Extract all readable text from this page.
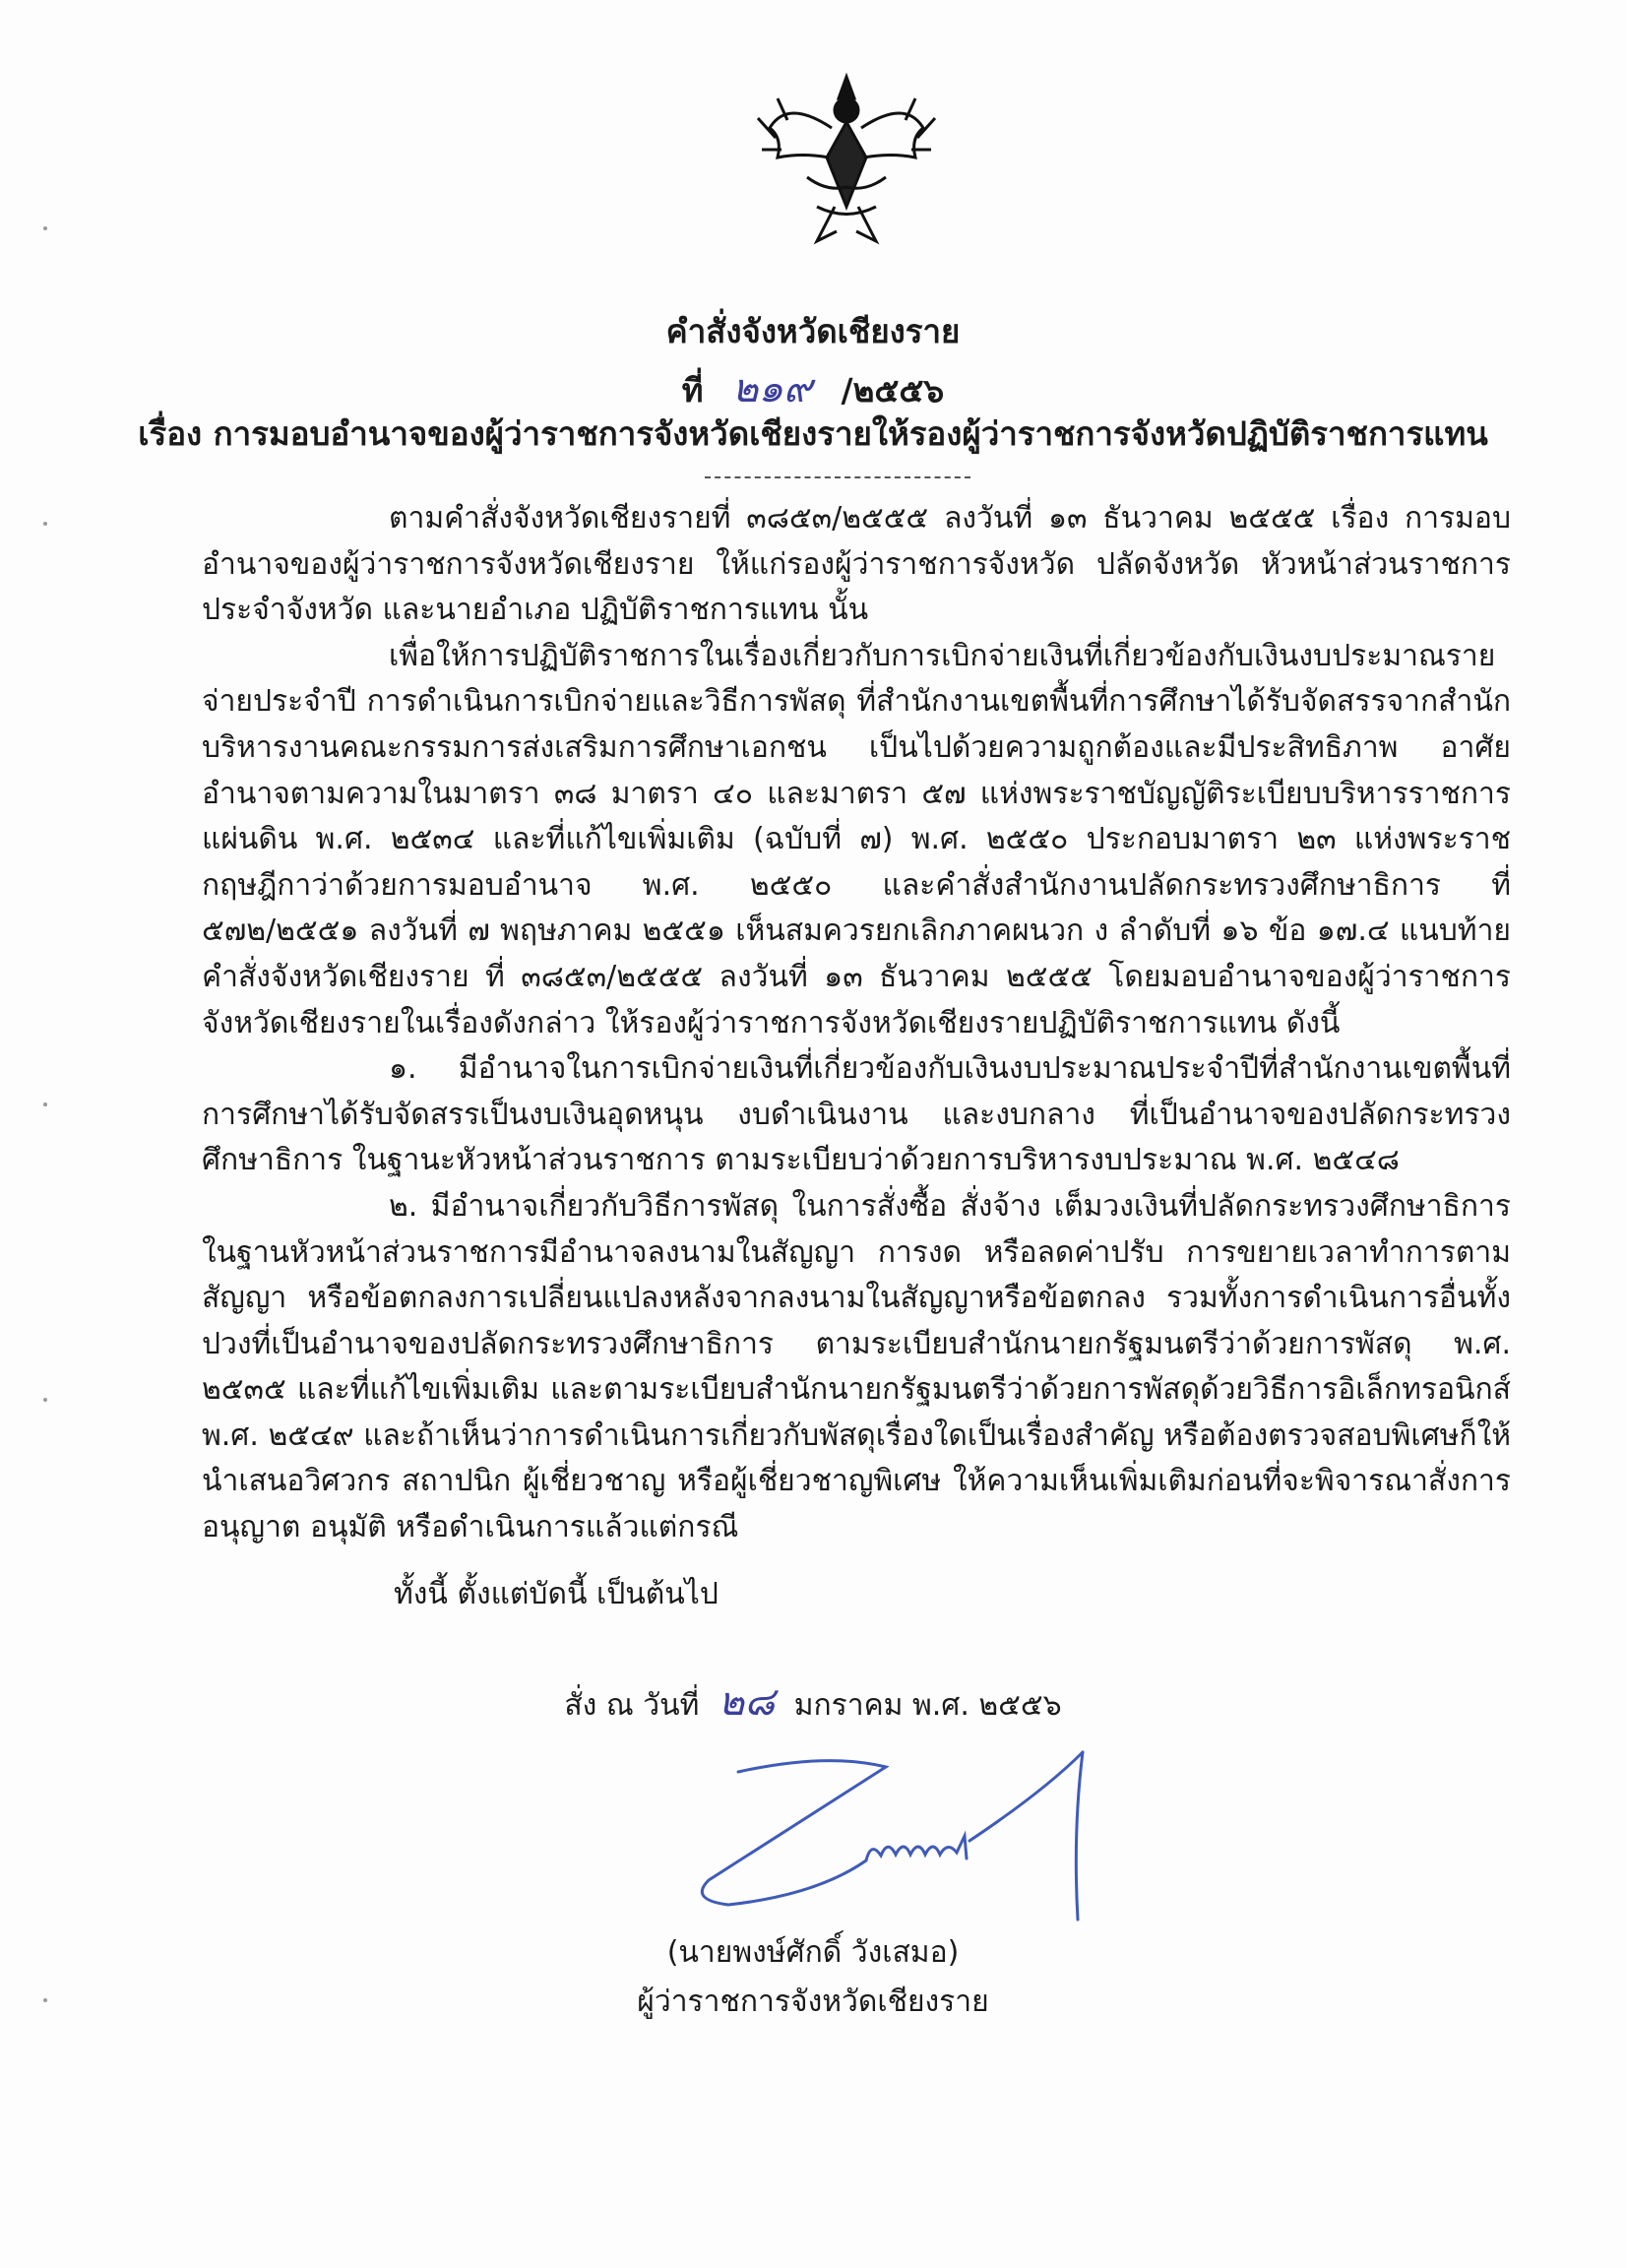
คำสั่งจังหวัดเชียงราย
ที่ ๒๑๙ /๒๕๕๖
เรื่อง การมอบอำนาจของผู้ว่าราชการจังหวัดเชียงรายให้รองผู้ว่าราชการจังหวัดปฏิบัติราชการแทน

ตามคำสั่งจังหวัดเชียงรายที่ ๓๘๕๓/๒๕๕๕ ลงวันที่ ๑๓ ธันวาคม ๒๕๕๕ เรื่อง การมอบอำนาจของผู้ว่าราชการจังหวัดเชียงราย ให้แก่รองผู้ว่าราชการจังหวัด ปลัดจังหวัด หัวหน้าส่วนราชการประจำจังหวัด และนายอำเภอ ปฏิบัติราชการแทน นั้น

เพื่อให้การปฏิบัติราชการในเรื่องเกี่ยวกับการเบิกจ่ายเงินที่เกี่ยวข้องกับเงินงบประมาณรายจ่ายประจำปี การดำเนินการเบิกจ่ายและวิธีการพัสดุ ที่สำนักงานเขตพื้นที่การศึกษาได้รับจัดสรรจากสำนักบริหารงานคณะกรรมการส่งเสริมการศึกษาเอกชน เป็นไปด้วยความถูกต้องและมีประสิทธิภาพ อาศัยอำนาจตามความในมาตรา ๓๘ มาตรา ๔๐ และมาตรา ๕๗ แห่งพระราชบัญญัติระเบียบบริหารราชการแผ่นดิน พ.ศ. ๒๕๓๔ และที่แก้ไขเพิ่มเติม (ฉบับที่ ๗) พ.ศ. ๒๕๕๐ ประกอบมาตรา ๒๓ แห่งพระราชกฤษฎีกาว่าด้วยการมอบอำนาจ พ.ศ. ๒๕๕๐ และคำสั่งสำนักงานปลัดกระทรวงศึกษาธิการ ที่ ๕๗๒/๒๕๕๑ ลงวันที่ ๗ พฤษภาคม ๒๕๕๑ เห็นสมควรยกเลิกภาคผนวก ง ลำดับที่ ๑๖ ข้อ ๑๗.๔ แนบท้ายคำสั่งจังหวัดเชียงราย ที่ ๓๘๕๓/๒๕๕๕ ลงวันที่ ๑๓ ธันวาคม ๒๕๕๕ โดยมอบอำนาจของผู้ว่าราชการจังหวัดเชียงรายในเรื่องดังกล่าว ให้รองผู้ว่าราชการจังหวัดเชียงรายปฏิบัติราชการแทน ดังนี้

๑. มีอำนาจในการเบิกจ่ายเงินที่เกี่ยวข้องกับเงินงบประมาณประจำปีที่สำนักงานเขตพื้นที่การศึกษาได้รับจัดสรรเป็นงบเงินอุดหนุน งบดำเนินงาน และงบกลาง ที่เป็นอำนาจของปลัดกระทรวงศึกษาธิการ ในฐานะหัวหน้าส่วนราชการ ตามระเบียบว่าด้วยการบริหารงบประมาณ พ.ศ. ๒๕๔๘

๒. มีอำนาจเกี่ยวกับวิธีการพัสดุ ในการสั่งซื้อ สั่งจ้าง เต็มวงเงินที่ปลัดกระทรวงศึกษาธิการในฐานหัวหน้าส่วนราชการมีอำนาจลงนามในสัญญา การงด หรือลดค่าปรับ การขยายเวลาทำการตามสัญญา หรือข้อตกลงการเปลี่ยนแปลงหลังจากลงนามในสัญญาหรือข้อตกลง รวมทั้งการดำเนินการอื่นทั้งปวงที่เป็นอำนาจของปลัดกระทรวงศึกษาธิการ ตามระเบียบสำนักนายกรัฐมนตรีว่าด้วยการพัสดุ พ.ศ. ๒๕๓๕ และที่แก้ไขเพิ่มเติม และตามระเบียบสำนักนายกรัฐมนตรีว่าด้วยการพัสดุด้วยวิธีการอิเล็กทรอนิกส์ พ.ศ. ๒๕๔๙ และถ้าเห็นว่าการดำเนินการเกี่ยวกับพัสดุเรื่องใดเป็นเรื่องสำคัญ หรือต้องตรวจสอบพิเศษก็ให้นำเสนอวิศวกร สถาปนิก ผู้เชี่ยวชาญ หรือผู้เชี่ยวชาญพิเศษ ให้ความเห็นเพิ่มเติมก่อนที่จะพิจารณาสั่งการ อนุญาต อนุมัติ หรือดำเนินการแล้วแต่กรณี

ทั้งนี้ ตั้งแต่บัดนี้ เป็นต้นไป
สั่ง ณ วันที่ ๒๘ มกราคม พ.ศ. ๒๕๕๖
(นายพงษ์ศักดิ์ วังเสมอ)
ผู้ว่าราชการจังหวัดเชียงราย
